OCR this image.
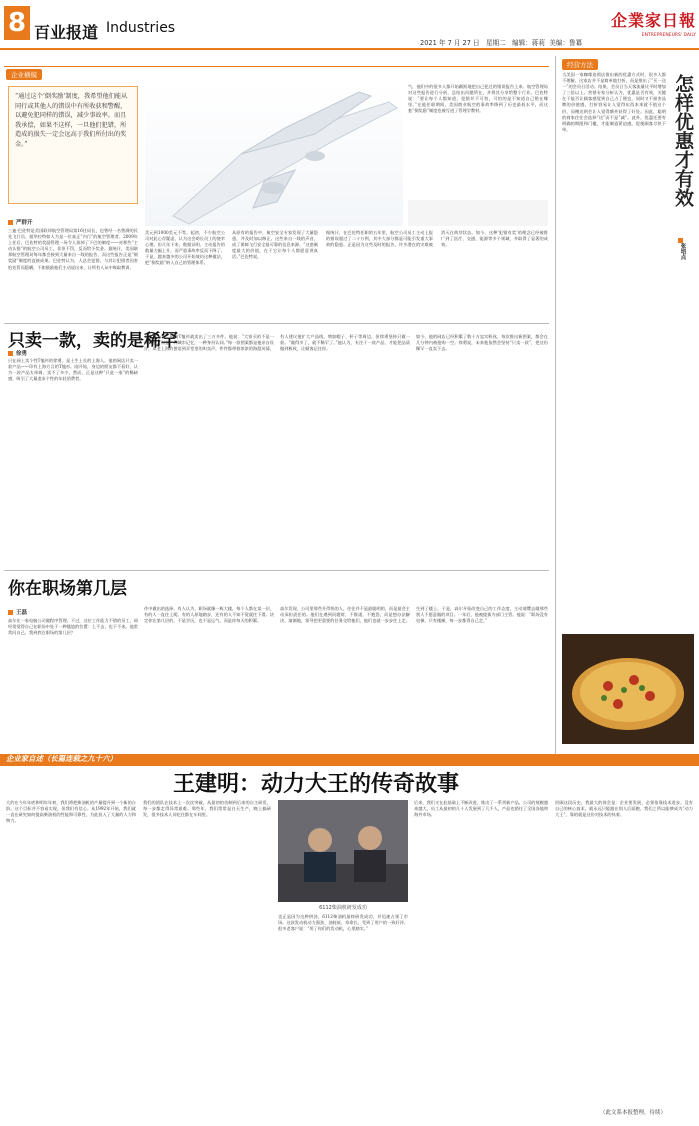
8 百业报道 Industries
2021 年 7 月 27 日 星期二 编辑：蒋莉 美编：鲁冪
企業家日報
ENTREPRENEURS' DAILY
企业横模
“通过这个‘倒奖励’制度，我希望他们能从同行或其他人的错误中有所收获和警醒，以避免犯同样的错误，减少事故率。而且我承偿，如果不这样，一旦他们犯错，所造成的损失一定会远高于我们所付出的奖金。”
严群开
三迪·巴佐特是美国联邦航空管理局第16任局长，也曾经一名曾满的民先飞行员、超华拉特如人为是一位真正“内行”的航空管理者。2009年上任后，巴佐特的奖励管理一场令人惊掉了下巴的制度——对那些“主动认错”的航空公司员工，非但不罚，反而给予奖金。据统计，美国联邦航空管理局每年都会接到大量来自一线的报告，而这些报告正是“倒奖励”制度的直接成果。巴佐特认为，人总会犯错，与其让犯错者因害怕处罚而隐瞒，不如鼓励他们主动说出来，让所有人从中吸取教训。
美元到1000美元不等。起初，不少航空公司对此心存疑虑，认为这会助长员工的侥幸心理。但几年下来，数据证明，主动报告的数量大幅上升，而严重事故率反而下降了。于是，越来越多的公司开始效仿这种做法，把“倒奖励”纳入自己的管理体系。
从原有的报告中，航空安全专家发现了大量隐患，并及时加以修正。这些来自一线的声音，成了保障飞行安全最可靠的信息来源。“这套制度最大的价值，在于它让每个人都愿意讲真话。”巴佐特说。
气，他们中的很多人都开始踊跃地把自己犯过的错误报告上来。航空管理局对这些报告进行分析，总结出问题所在，并将其分享给整个行业。巴佐特说：“要让每个人都知道，犯错并不可怕，可怕的是不知道自己错在哪里。”在他任职期间，美国商业航空的事故率降到了历史最低水平，而这套“倒奖励”制度也被写进了管理学教材。
据统计，在巴佐特任职的五年里，航空公司员工主动上报的错误超过了二十万例，其中大部分都是可能引发重大事故的隐患。正是因为这些及时的报告，许多潜在的灾难被消灭在萌芽状态。如今，这种‘犯错有奖’的理念已经被推广到了医疗、交通、能源等多个领域，并取得了显著的成效。
只卖一款，卖的是稀罕
徐勇
只在网上卖个性T恤衫的徐勇，是土生土长的上海人。他的网店只卖一款产品——印有上海方言的T恤衫。刚开始，身边的朋友都不看好，认为一款产品太单调，卖不了多少。然而，正是这种“只此一家”的稀缺感，吸引了大量追求个性的年轻消费者。
开店第一年，他的T恤衫就卖出了三万多件。他说：“大家买的不是一件衣服，而是一种城市记忆，一种身份认同。”每一款图案都是他亲自设计，从老上海的俚语到弄堂里的叫卖声，件件都带着浓浓的海派风情。
有人建议他扩大产品线，增加帽子、杯子等周边，但徐勇坚持只做一款。“做得多了，就不稀罕了。”他认为，专注于一款产品，才能把品质做到极致，让顾客记住你。
如今，他的网店已经积累了数十万忠实粉丝，每次推出新图案，都会在几分钟内被抢购一空。徐勇说，未来他依然会坚持“只卖一款”，把这份稀罕一直卖下去。
你在职场第几层
王磊
高尔在一家电脑公司做程序管理。不过，这位工作能力不错的员工，却经常觉得自己在职场中处于一种尴尬的位置：上不去，也下不来。他常常问自己，我到底在职场的第几层？
作中做出的选择。有人认为，职场就像一栋大楼，每个人都在某一层，有的人一直往上爬，有的人原地踏步，还有的人不知不觉就往下滑。决定你在第几层的，不是学历，也不是运气，而是你每天的积累。
高尔发现，公司里那些升得快的人，往往并不是最聪明的，而是最会主动承担责任的。他们在遇到问题时，不推诿，不抱怨，而是想办法解决。渐渐地，领导把更重要的任务交给他们，他们也就一步步往上走。
生到了楼上。于是，高尔开始改变自己的工作态度，主动请缨去做那些别人不愿意做的项目。一年后，他被提拔为部门主管。他说：“职场没有电梯，只有楼梯，每一步都得自己走。”
经营方法
怎样优惠才有效
张培点
当美国一家咖啡连锁店推出新的优惠方式时，很多人都不理解。这家店并不是简单地打折，而是推出了“买一送一”的会员日活动。结果，会员日当天客流量比平时增加了三倍以上。营销专家分析认为，优惠是否有效，关键在于能否让顾客感觉到自己占了便宜，同时又不损害品牌的价值感。打折容易让人觉得东西本来就不值这个价，而赠送则会让人觉得额外获得了好处。因此，聪明的商家往往会选择“送”而不是“减”。此外，优惠还要有明确的期限和门槛，才能制造紧迫感，促使顾客尽快下单。
企业家自述（长篇连载之九十六）
王建明：动力大王的传奇故事
大约在今年年底和明年年初，我们将把柴油机的产量提升到一个新的台阶。这个目标并不容易实现，但我们有信心。从1992年开始，我们就一直在研究如何提高柴油机的性能和可靠性，为此投入了大量的人力和物力。
我们的团队在技术上一次次突破，从最初的仿制到后来的自主研发，每一步都走得异常艰难。那些年，我们常常是白天生产，晚上搞研发，很多技术人员吃住都在车间里。
6112柴油机研发成功
也正是因为这种拼劲，6112柴油机最终研发成功，并迅速占领了市场。这款发动机动力强劲、油耗低、寿命长，受到了用户的一致好评。很多老客户说：“用了你们的发动机，心里踏实。”
后来，我们又在此基础上不断改进，推出了一系列新产品。公司的规模越来越大，员工从最初的几十人发展到了几千人，产品也销往了全国各地和海外市场。
回顾这段历史，我最大的体会是：企业要发展，必须依靠技术进步。没有自己的核心技术，就永远只能跟在别人后面跑。我们之所以能够成为“动力大王”，靠的就是这份对技术的执着。
（此文系本报整理，待续）
